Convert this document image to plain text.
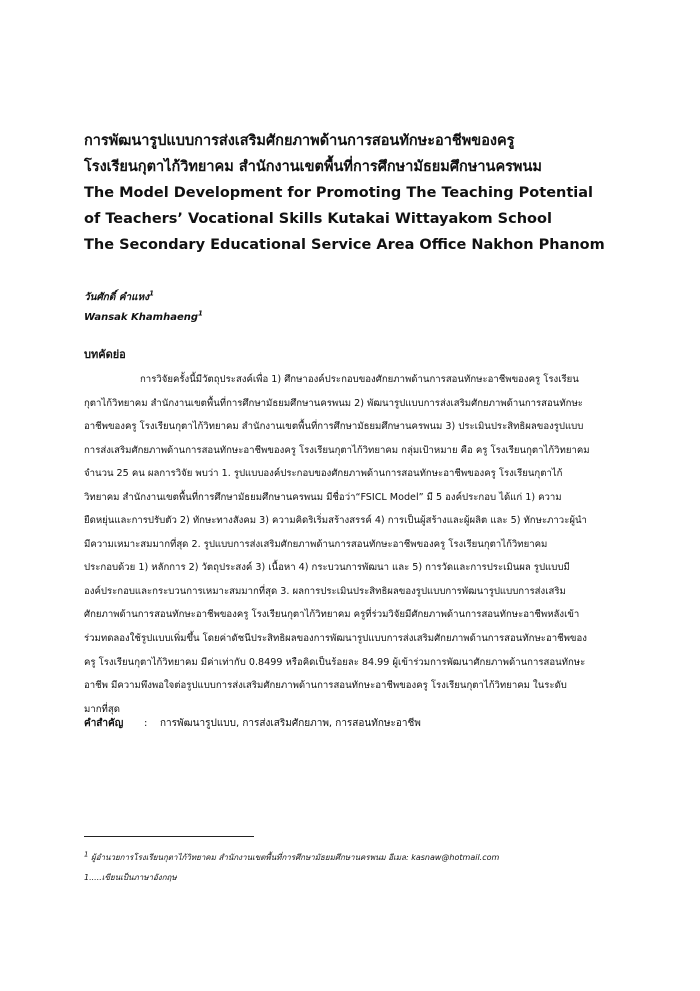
การพัฒนารูปแบบการส่งเสริมศักยภาพด้านการสอนทักษะอาชีพของครู
โรงเรียนกุตาไก้วิทยาคม สำนักงานเขตพื้นที่การศึกษามัธยมศึกษานครพนม
The Model Development for Promoting The Teaching Potential
of Teachers’ Vocational Skills Kutakai Wittayakom School
The Secondary Educational Service Area Office Nakhon Phanom
วันศักดิ์ คำแหง$^1$
Wansak Khamhaeng$^1$
บทคัดย่อ
การวิจัยครั้งนี้มีวัตถุประสงค์เพื่อ 1) ศึกษาองค์ประกอบของศักยภาพด้านการสอนทักษะอาชีพของครู โรงเรียน
กุตาไก้วิทยาคม สำนักงานเขตพื้นที่การศึกษามัธยมศึกษานครพนม 2) พัฒนารูปแบบการส่งเสริมศักยภาพด้านการสอนทักษะ
อาชีพของครู โรงเรียนกุตาไก้วิทยาคม สำนักงานเขตพื้นที่การศึกษามัธยมศึกษานครพนม 3) ประเมินประสิทธิผลของรูปแบบ
การส่งเสริมศักยภาพด้านการสอนทักษะอาชีพของครู โรงเรียนกุตาไก้วิทยาคม กลุ่มเป้าหมาย คือ ครู โรงเรียนกุตาไก้วิทยาคม
จำนวน 25 คน ผลการวิจัย พบว่า 1. รูปแบบองค์ประกอบของศักยภาพด้านการสอนทักษะอาชีพของครู โรงเรียนกุตาไก้
วิทยาคม สำนักงานเขตพื้นที่การศึกษามัธยมศึกษานครพนม มีชื่อว่า“FSICL Model” มี 5 องค์ประกอบ ได้แก่ 1) ความ
ยืดหยุ่นและการปรับตัว 2) ทักษะทางสังคม 3) ความคิดริเริ่มสร้างสรรค์ 4) การเป็นผู้สร้างและผู้ผลิต และ 5) ทักษะภาวะผู้นำ
มีความเหมาะสมมากที่สุด 2. รูปแบบการส่งเสริมศักยภาพด้านการสอนทักษะอาชีพของครู โรงเรียนกุตาไก้วิทยาคม
ประกอบด้วย 1) หลักการ 2) วัตถุประสงค์ 3) เนื้อหา 4) กระบวนการพัฒนา และ 5) การวัดและการประเมินผล รูปแบบมี
องค์ประกอบและกระบวนการเหมาะสมมากที่สุด 3. ผลการประเมินประสิทธิผลของรูปแบบการพัฒนารูปแบบการส่งเสริม
ศักยภาพด้านการสอนทักษะอาชีพของครู โรงเรียนกุตาไก้วิทยาคม ครูที่ร่วมวิจัยมีศักยภาพด้านการสอนทักษะอาชีพหลังเข้า
ร่วมทดลองใช้รูปแบบเพิ่มขึ้น โดยค่าดัชนีประสิทธิผลของการพัฒนารูปแบบการส่งเสริมศักยภาพด้านการสอนทักษะอาชีพของ
ครู โรงเรียนกุตาไก้วิทยาคม มีค่าเท่ากับ 0.8499 หรือคิดเป็นร้อยละ 84.99 ผู้เข้าร่วมการพัฒนาศักยภาพด้านการสอนทักษะ
อาชีพ มีความพึงพอใจต่อรูปแบบการส่งเสริมศักยภาพด้านการสอนทักษะอาชีพของครู โรงเรียนกุตาไก้วิทยาคม ในระดับ
มากที่สุด
คำสำคัญ : การพัฒนารูปแบบ, การส่งเสริมศักยภาพ, การสอนทักษะอาชีพ
1 ผู้อำนวยการโรงเรียนกุตาไก้วิทยาคม สำนักงานเขตพื้นที่การศึกษามัธยมศึกษานครพนม อีเมล: kasnaw@hotmail.com
1.....เขียนเป็นภาษาอังกฤษ
